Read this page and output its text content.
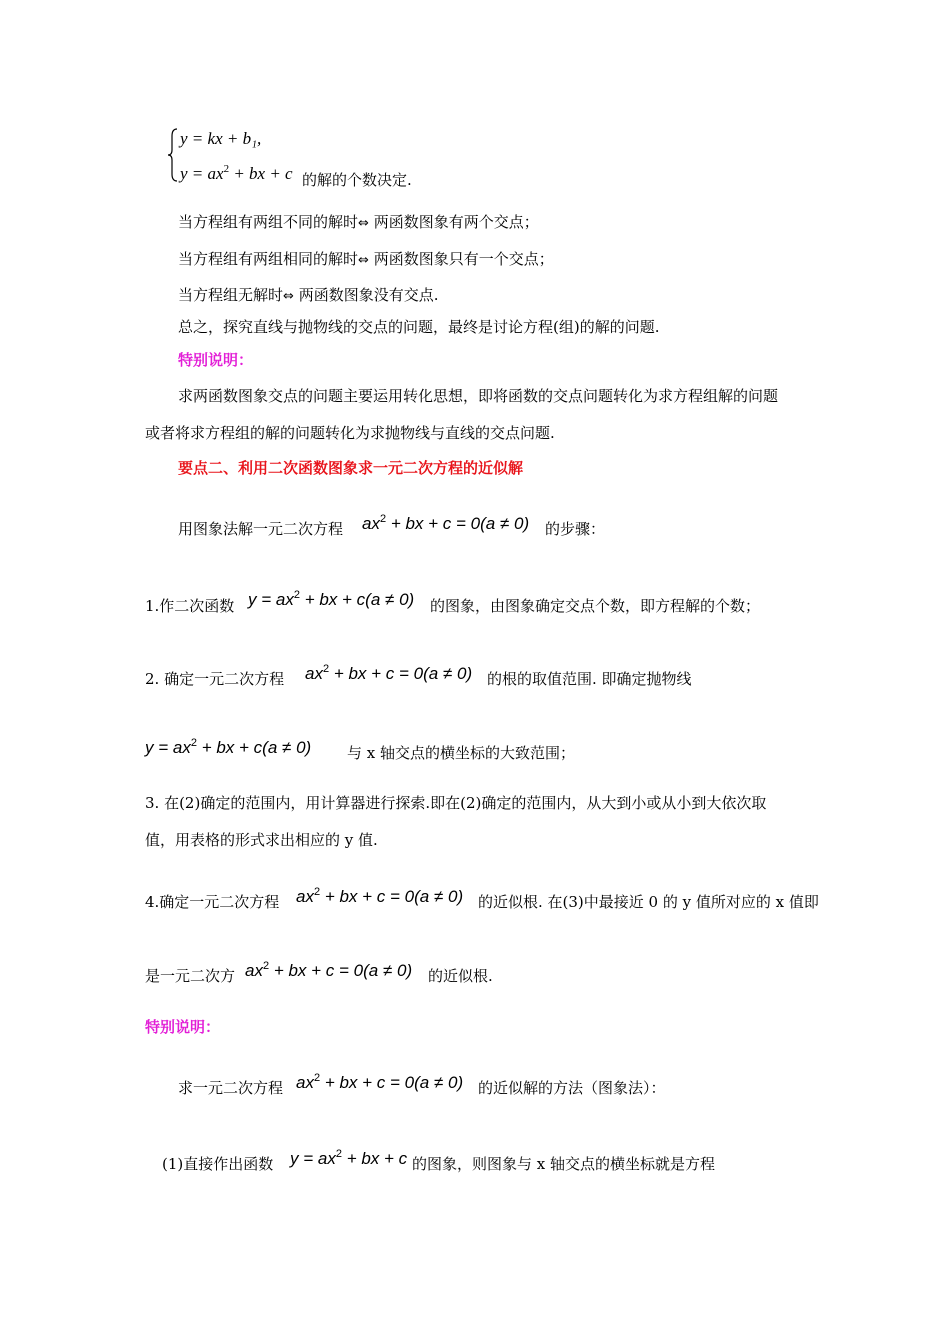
y = kx + b₁,
$y = ax^2$ + bx + c 的解的个数决定.
当方程组有两组不同的解时⇔ 两函数图象有两个交点；
当方程组有两组相同的解时⇔ 两函数图象只有一个交点；
当方程组无解时⇔ 两函数图象没有交点.
总之，探究直线与抛物线的交点的问题，最终是讨论方程(组)的解的问题.
特别说明：
求两函数图象交点的问题主要运用转化思想，即将函数的交点问题转化为求方程组解的问题
或者将求方程组的解的问题转化为求抛物线与直线的交点问题.
要点二、利用二次函数图象求一元二次方程的近似解
用图象法解一元二次方程 $ax^2$ + bx + c = 0(a ≠ 0) 的步骤：
1.作二次函数 $y = ax^2$ + bx + c(a ≠ 0) 的图象，由图象确定交点个数，即方程解的个数；
2. 确定一元二次方程 $ax^2$ + bx + c = 0(a ≠ 0) 的根的取值范围. 即确定抛物线
$y = ax^2$ + bx + c(a ≠ 0) 与 x 轴交点的横坐标的大致范围；
3. 在(2)确定的范围内，用计算器进行探索.即在(2)确定的范围内，从大到小或从小到大依次取
值，用表格的形式求出相应的 y 值.
4.确定一元二次方程 $ax^2$ + bx + c = 0(a ≠ 0) 的近似根. 在(3)中最接近 0 的 y 值所对应的 x 值即
是一元二次方 $ax^2$ + bx + c = 0(a ≠ 0) 的近似根.
特别说明：
求一元二次方程 $ax^2$ + bx + c = 0(a ≠ 0) 的近似解的方法（图象法）：
(1)直接作出函数 $y = ax^2$ + bx + c 的图象，则图象与 x 轴交点的横坐标就是方程
